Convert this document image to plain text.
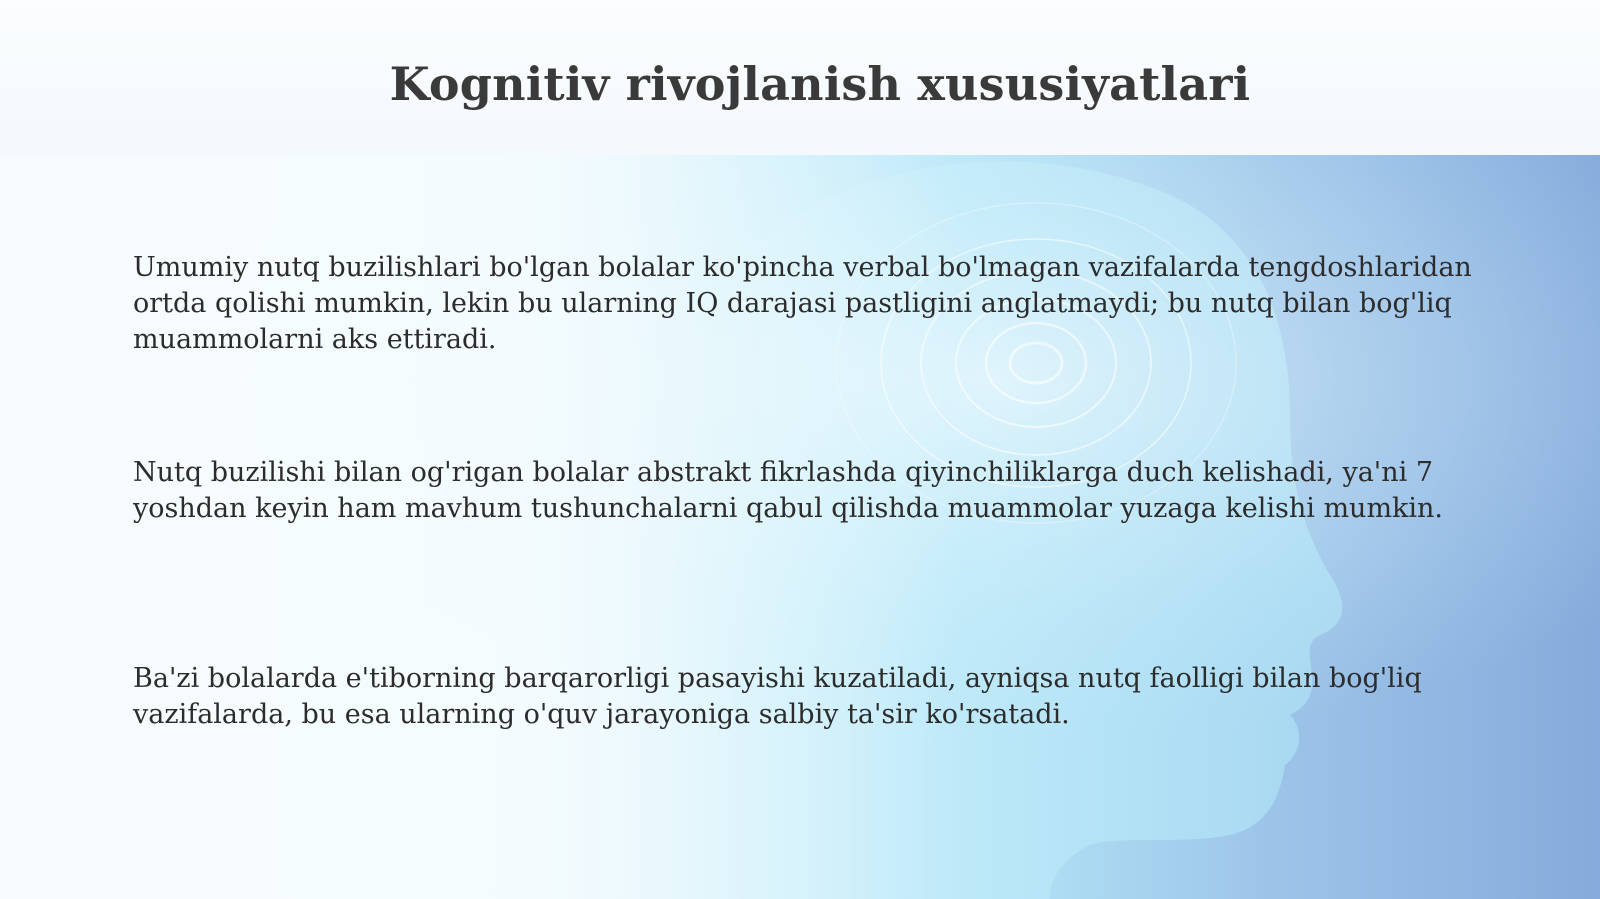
Kognitiv rivojlanish xususiyatlari

Umumiy nutq buzilishlari bo'lgan bolalar ko'pincha verbal bo'lmagan vazifalarda tengdoshlaridan ortda qolishi mumkin, lekin bu ularning IQ darajasi pastligini anglatmaydi; bu nutq bilan bog'liq muammolarni aks ettiradi.

Nutq buzilishi bilan og'rigan bolalar abstrakt fikrlashda qiyinchiliklarga duch kelishadi, ya'ni 7 yoshdan keyin ham mavhum tushunchalarni qabul qilishda muammolar yuzaga kelishi mumkin.

Ba'zi bolalarda e'tiborning barqarorligi pasayishi kuzatiladi, ayniqsa nutq faolligi bilan bog'liq vazifalarda, bu esa ularning o'quv jarayoniga salbiy ta'sir ko'rsatadi.
